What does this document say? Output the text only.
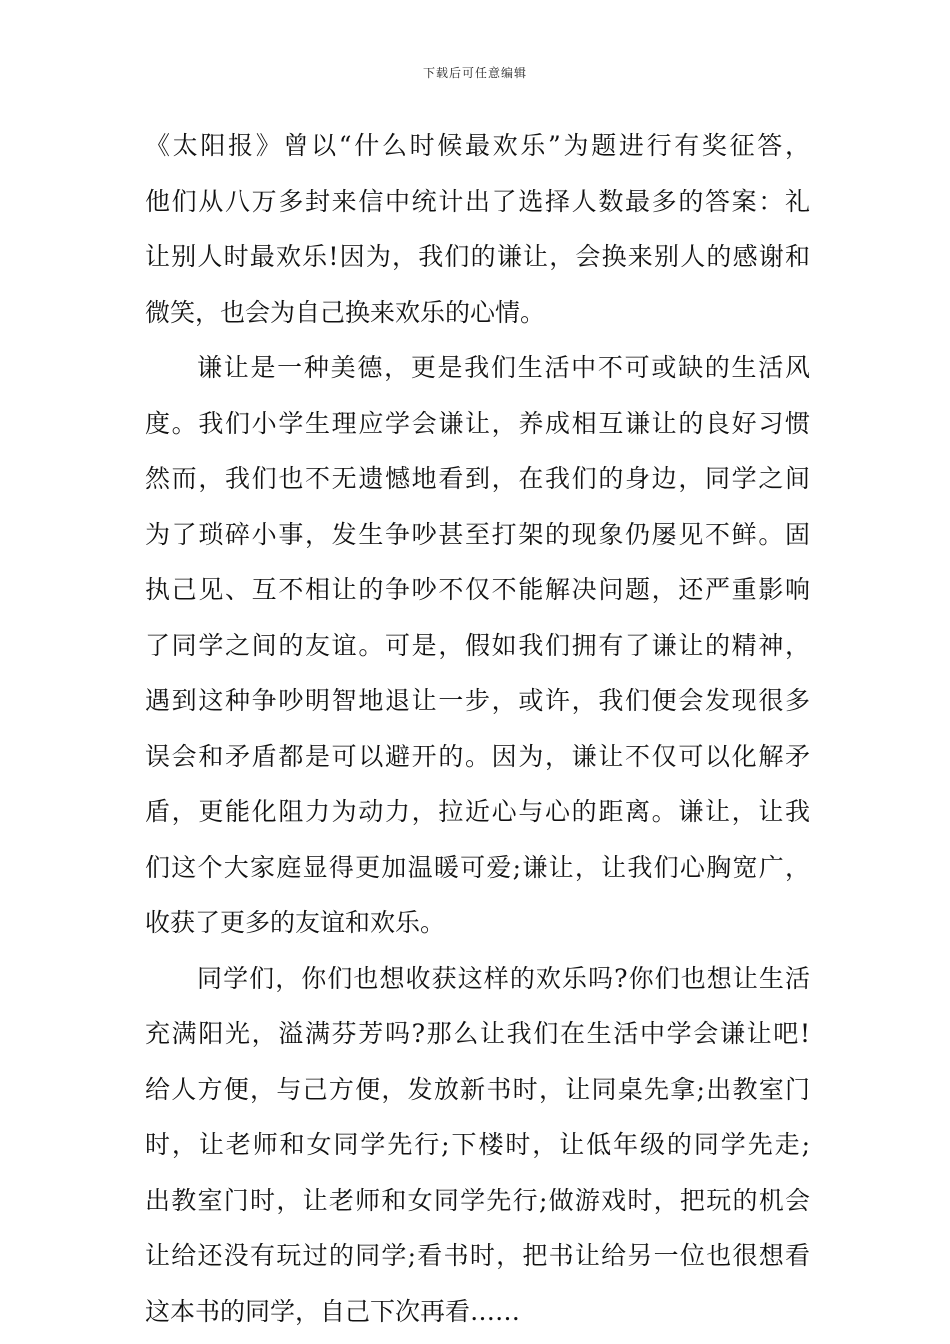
下载后可任意编辑
《太阳报》曾以“什么时候最欢乐”为题进行有奖征答，
他们从八万多封来信中统计出了选择人数最多的答案：礼
让别人时最欢乐!因为，我们的谦让，会换来别人的感谢和
微笑，也会为自己换来欢乐的心情。
谦让是一种美德，更是我们生活中不可或缺的生活风
度。我们小学生理应学会谦让，养成相互谦让的良好习惯
然而，我们也不无遗憾地看到，在我们的身边，同学之间
为了琐碎小事，发生争吵甚至打架的现象仍屡见不鲜。固
执己见、互不相让的争吵不仅不能解决问题，还严重影响
了同学之间的友谊。可是，假如我们拥有了谦让的精神，
遇到这种争吵明智地退让一步，或许，我们便会发现很多
误会和矛盾都是可以避开的。因为，谦让不仅可以化解矛
盾，更能化阻力为动力，拉近心与心的距离。谦让，让我
们这个大家庭显得更加温暖可爱;谦让，让我们心胸宽广，
收获了更多的友谊和欢乐。
同学们，你们也想收获这样的欢乐吗?你们也想让生活
充满阳光，溢满芬芳吗?那么让我们在生活中学会谦让吧!
给人方便，与己方便，发放新书时，让同桌先拿;出教室门
时，让老师和女同学先行;下楼时，让低年级的同学先走;
出教室门时，让老师和女同学先行;做游戏时，把玩的机会
让给还没有玩过的同学;看书时，把书让给另一位也很想看
这本书的同学，自己下次再看……
